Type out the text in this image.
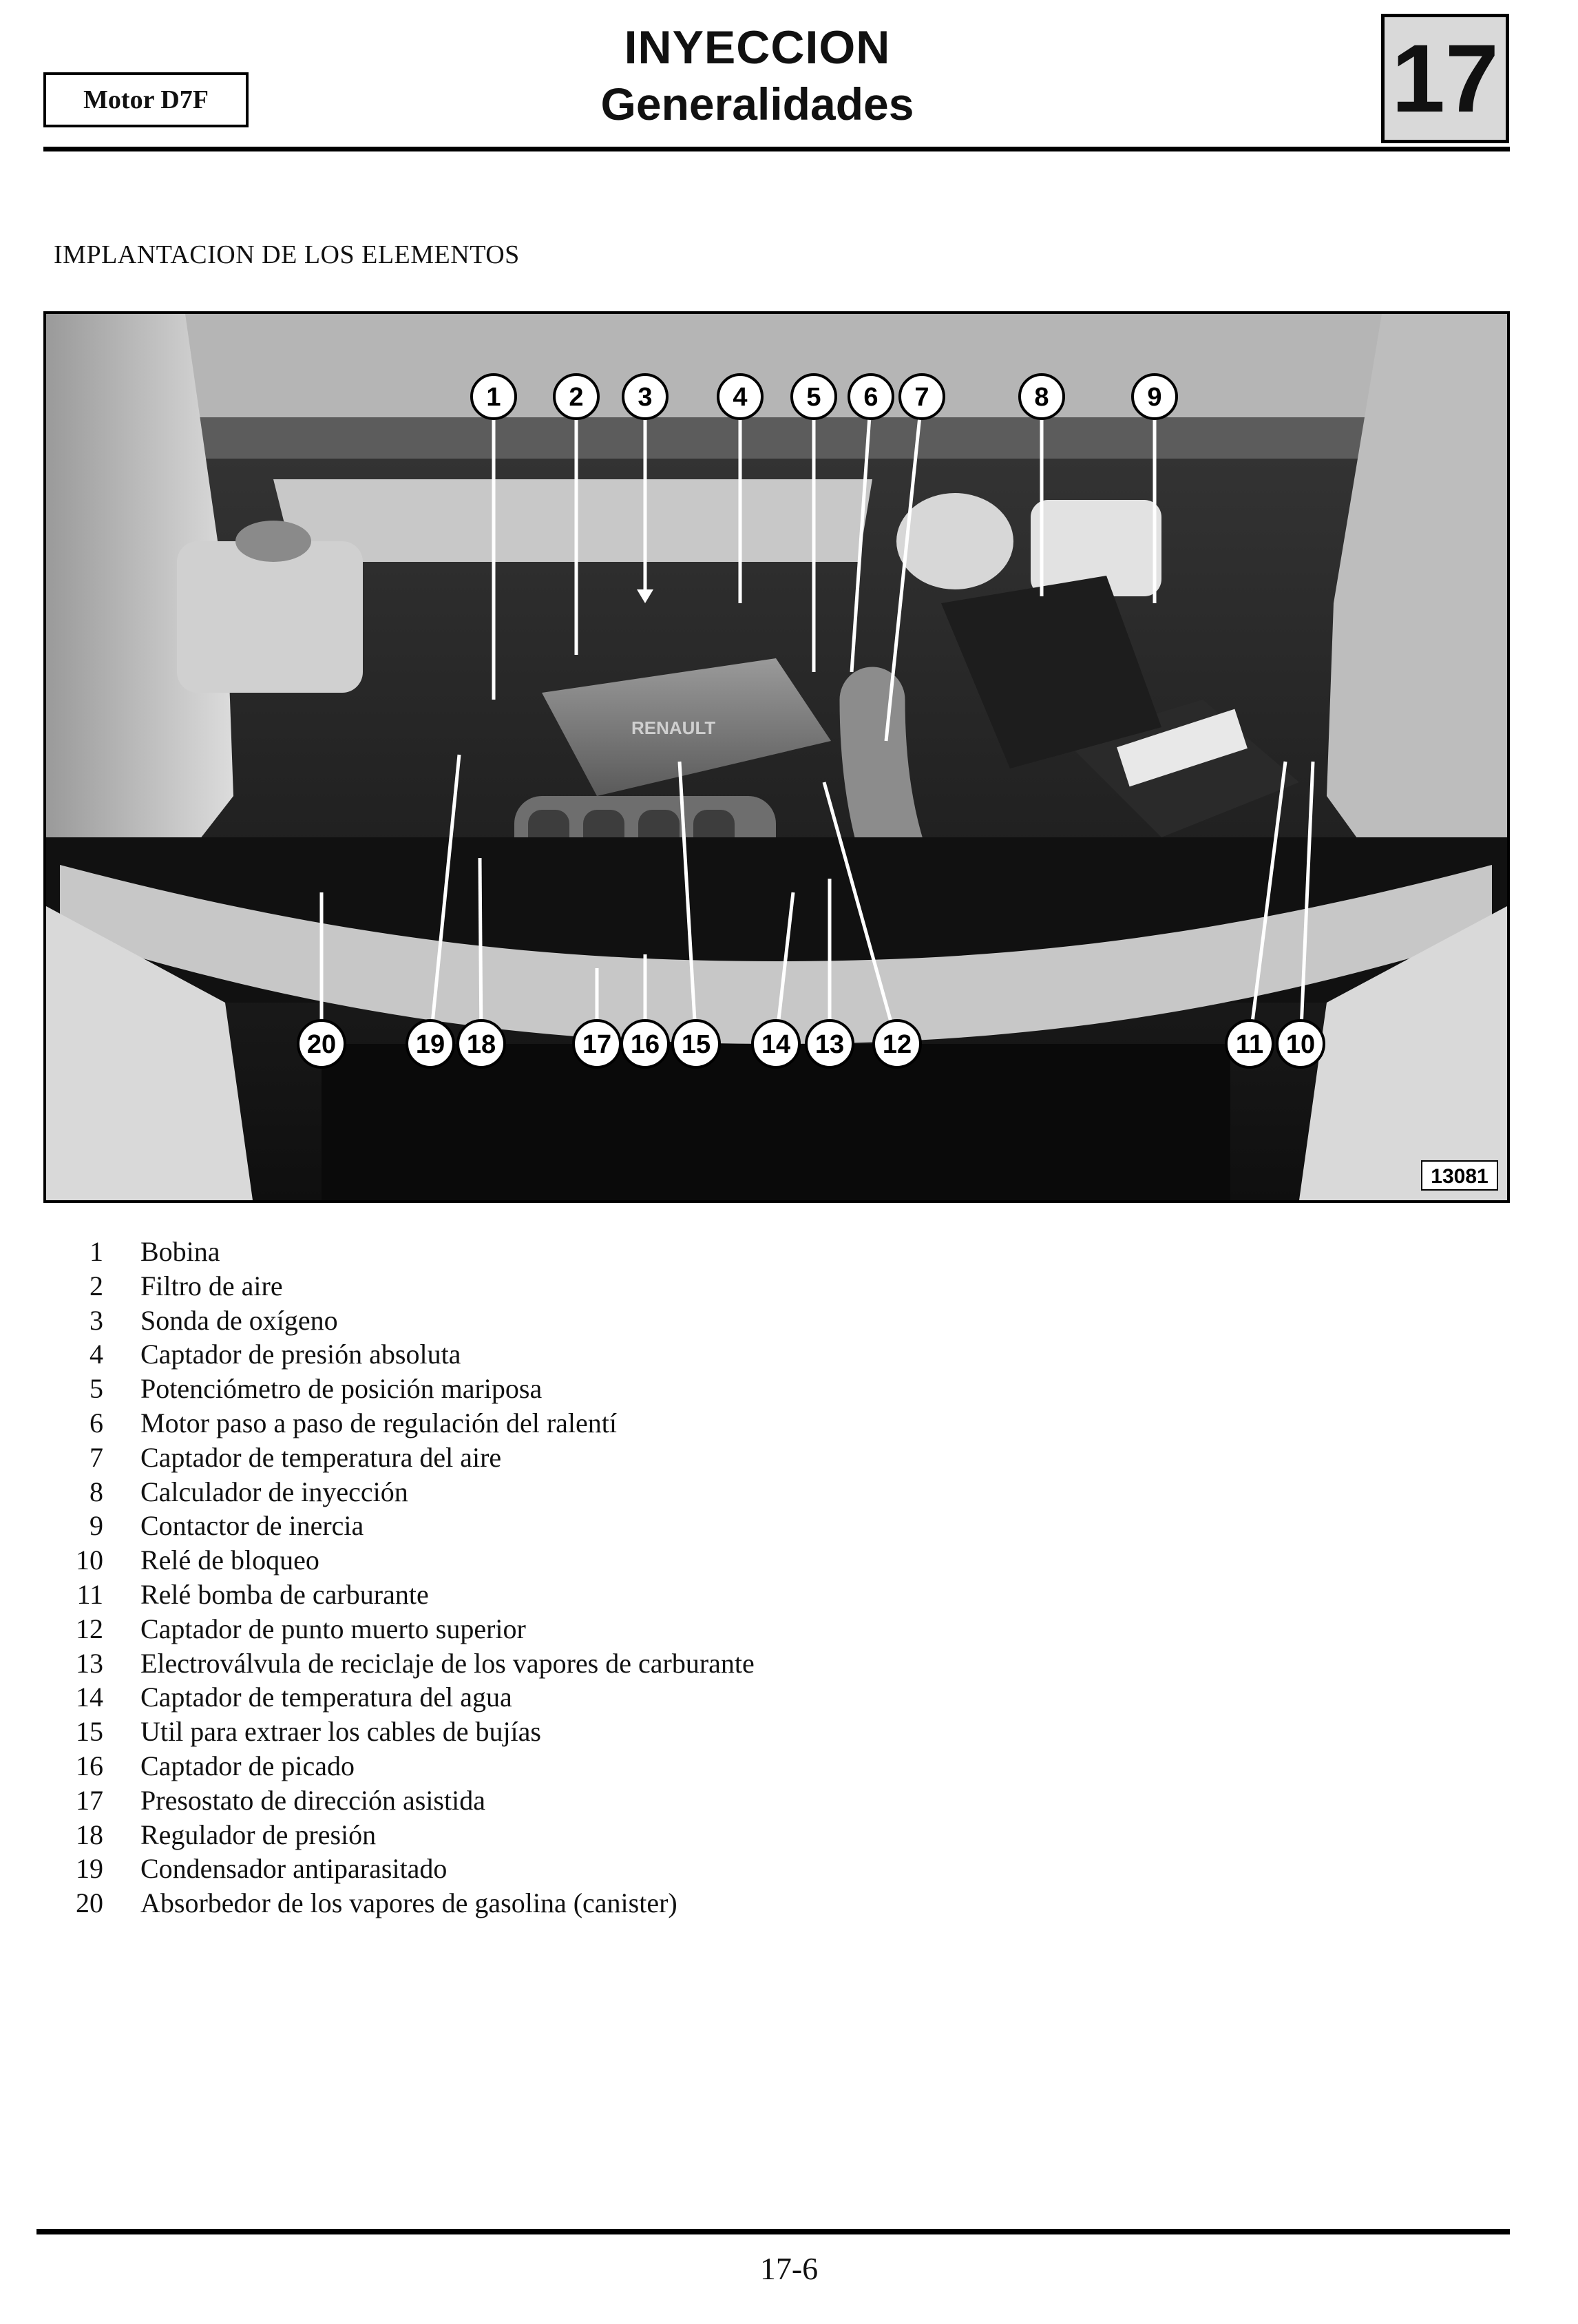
Motor D7F
INYECCION
Generalidades	17
IMPLANTACION DE LOS ELEMENTOS
RENAULT
1	2 3	4 5 6 7	8	9
10
11
12
13
14
15
16
17
18
19
20
13081
1 Bobina
2 Filtro de aire
3 Sonda de oxígeno
4 Captador de presión absoluta
5 Potenciómetro de posición mariposa
6 Motor paso a paso de regulación del ralentí
7 Captador de temperatura del aire
8 Calculador de inyección
9 Contactor de inercia
10 Relé de bloqueo
11 Relé bomba de carburante
12 Captador de punto muerto superior
13 Electroválvula de reciclaje de los vapores de carburante
14 Captador de temperatura del agua
15 Util para extraer los cables de bujías
16 Captador de picado
17 Presostato de dirección asistida
18 Regulador de presión
19 Condensador antiparasitado
20 Absorbedor de los vapores de gasolina (canister)
17-6
